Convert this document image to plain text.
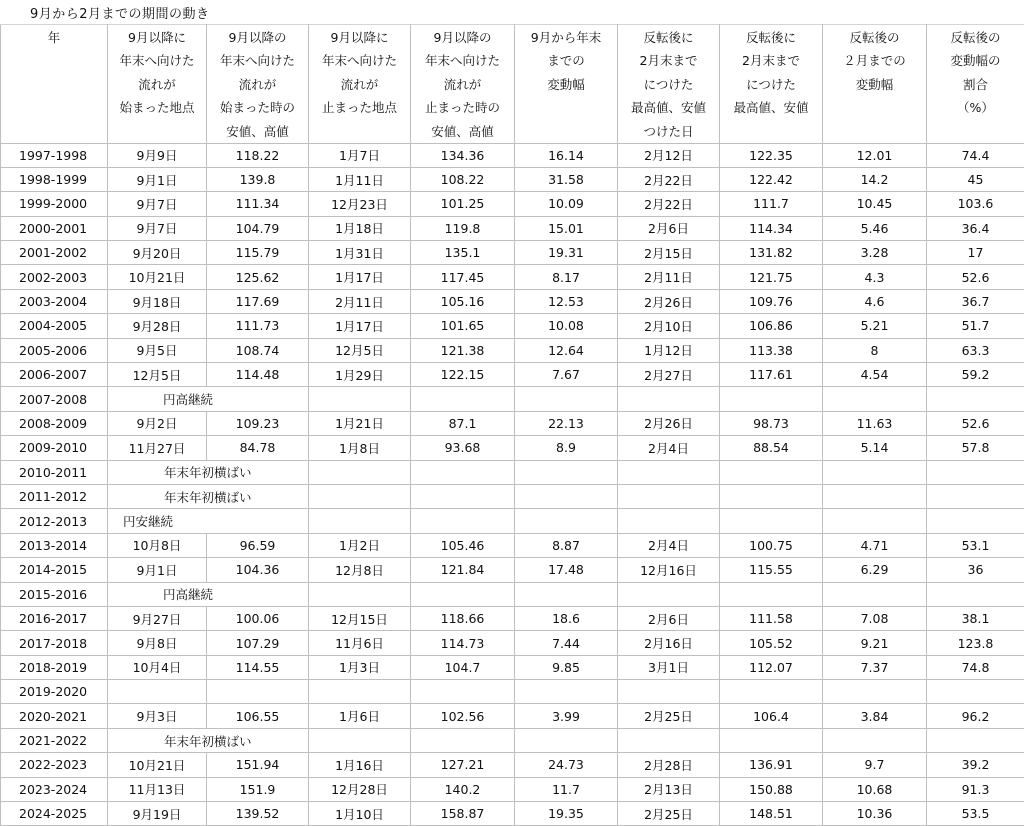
9月から2月までの期間の動き
年	9月以降に	9月以降の	9月以降に	9月以降の	9月から年末	反転後に	反転後に	反転後の	反転後の
	年末へ向けた	年末へ向けた	年末へ向けた	年末へ向けた	までの	2月末まで	2月末まで	２月までの	変動幅の
	流れが	流れが	流れが	流れが	変動幅	につけた	につけた	変動幅	割合
	始まった地点	始まった時の	止まった地点	止まった時の		最高値、安値	最高値、安値		（%）
		安値、高値		安値、高値		つけた日			
1997-1998	9月9日	118.22	1月7日	134.36	16.14	2月12日	122.35	12.01	74.4
1998-1999	9月1日	139.8	1月11日	108.22	31.58	2月22日	122.42	14.2	45
1999-2000	9月7日	111.34	12月23日	101.25	10.09	2月22日	111.7	10.45	103.6
2000-2001	9月7日	104.79	1月18日	119.8	15.01	2月6日	114.34	5.46	36.4
2001-2002	9月20日	115.79	1月31日	135.1	19.31	2月15日	131.82	3.28	17
2002-2003	10月21日	125.62	1月17日	117.45	8.17	2月11日	121.75	4.3	52.6
2003-2004	9月18日	117.69	2月11日	105.16	12.53	2月26日	109.76	4.6	36.7
2004-2005	9月28日	111.73	1月17日	101.65	10.08	2月10日	106.86	5.21	51.7
2005-2006	9月5日	108.74	12月5日	121.38	12.64	1月12日	113.38	8	63.3
2006-2007	12月5日	114.48	1月29日	122.15	7.67	2月27日	117.61	4.54	59.2
2007-2008	円高継続								
2008-2009	9月2日	109.23	1月21日	87.1	22.13	2月26日	98.73	11.63	52.6
2009-2010	11月27日	84.78	1月8日	93.68	8.9	2月4日	88.54	5.14	57.8
2010-2011	年末年初横ばい								
2011-2012	年末年初横ばい								
2012-2013	円安継続								
2013-2014	10月8日	96.59	1月2日	105.46	8.87	2月4日	100.75	4.71	53.1
2014-2015	9月1日	104.36	12月8日	121.84	17.48	12月16日	115.55	6.29	36
2015-2016	円高継続								
2016-2017	9月27日	100.06	12月15日	118.66	18.6	2月6日	111.58	7.08	38.1
2017-2018	9月8日	107.29	11月6日	114.73	7.44	2月16日	105.52	9.21	123.8
2018-2019	10月4日	114.55	1月3日	104.7	9.85	3月1日	112.07	7.37	74.8
2019-2020									
2020-2021	9月3日	106.55	1月6日	102.56	3.99	2月25日	106.4	3.84	96.2
2021-2022	年末年初横ばい								
2022-2023	10月21日	151.94	1月16日	127.21	24.73	2月28日	136.91	9.7	39.2
2023-2024	11月13日	151.9	12月28日	140.2	11.7	2月13日	150.88	10.68	91.3
2024-2025	9月19日	139.52	1月10日	158.87	19.35	2月25日	148.51	10.36	53.5
